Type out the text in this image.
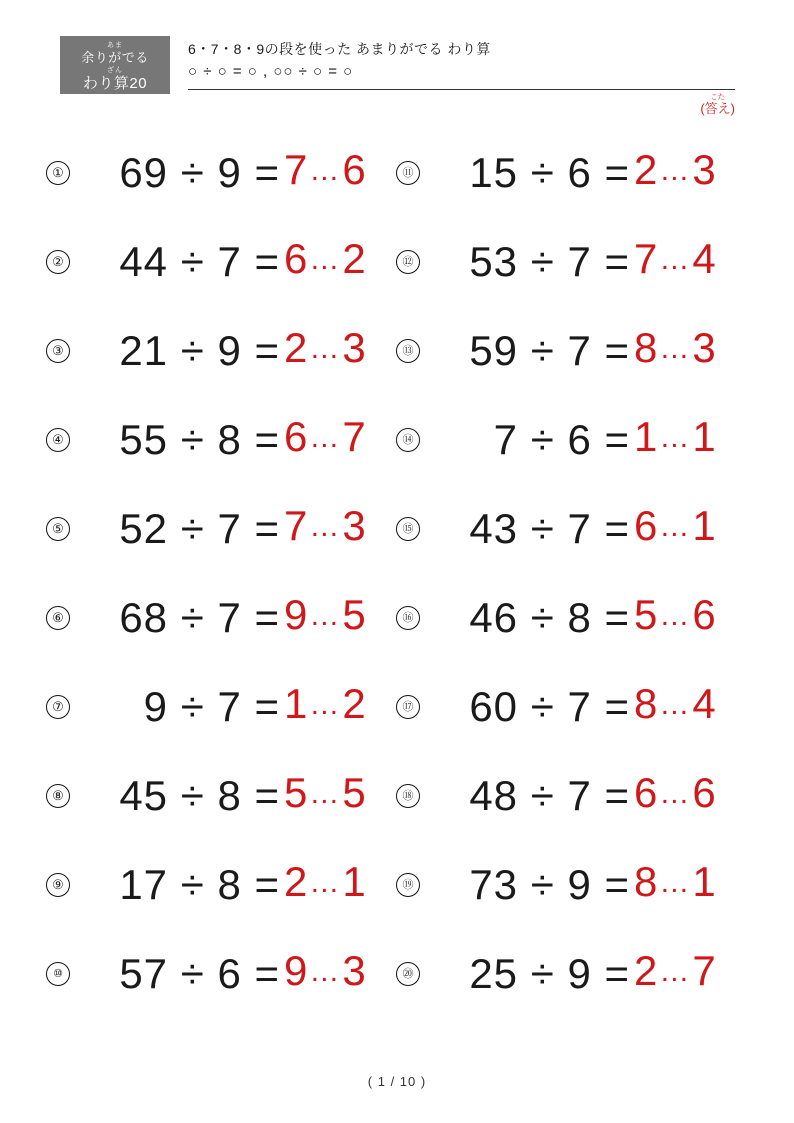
あま
余りがでる
ざん
わり算20
6・7・8・9の段を使った あまりがでる わり算
○ ÷ ○ = ○ , ○○ ÷ ○ = ○
こた
(答え)
①	69 ÷ 9 = 7…6	⑪	15 ÷ 6 = 2…3
②	44 ÷ 7 = 6…2	⑫	53 ÷ 7 = 7…4
③	21 ÷ 9 = 2…3	⑬	59 ÷ 7 = 8…3
④	55 ÷ 8 = 6…7	⑭	7 ÷ 6 = 1…1
⑤	52 ÷ 7 = 7…3	⑮	43 ÷ 7 = 6…1
⑥	68 ÷ 7 = 9…5	⑯	46 ÷ 8 = 5…6
⑦	9 ÷ 7 = 1…2	⑰	60 ÷ 7 = 8…4
⑧	45 ÷ 8 = 5…5	⑱	48 ÷ 7 = 6…6
⑨	17 ÷ 8 = 2…1	⑲	73 ÷ 9 = 8…1
⑩	57 ÷ 6 = 9…3	⑳	25 ÷ 9 = 2…7
( 1 / 10 )
